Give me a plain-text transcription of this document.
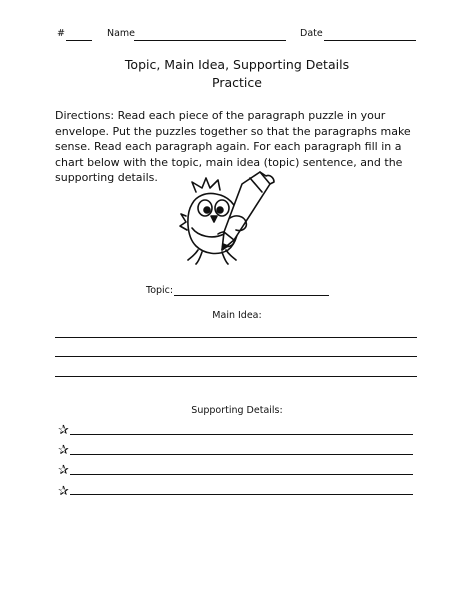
#	Name	Date
Topic, Main Idea, Supporting Details
Practice
Directions: Read each piece of the paragraph puzzle in your envelope. Put the puzzles together so that the paragraphs make sense. Read each paragraph again. For each paragraph fill in a chart below with the topic, main idea (topic) sentence, and the supporting details.
Topic:
Main Idea:
Supporting Details:
✰
✰
✰
✰
